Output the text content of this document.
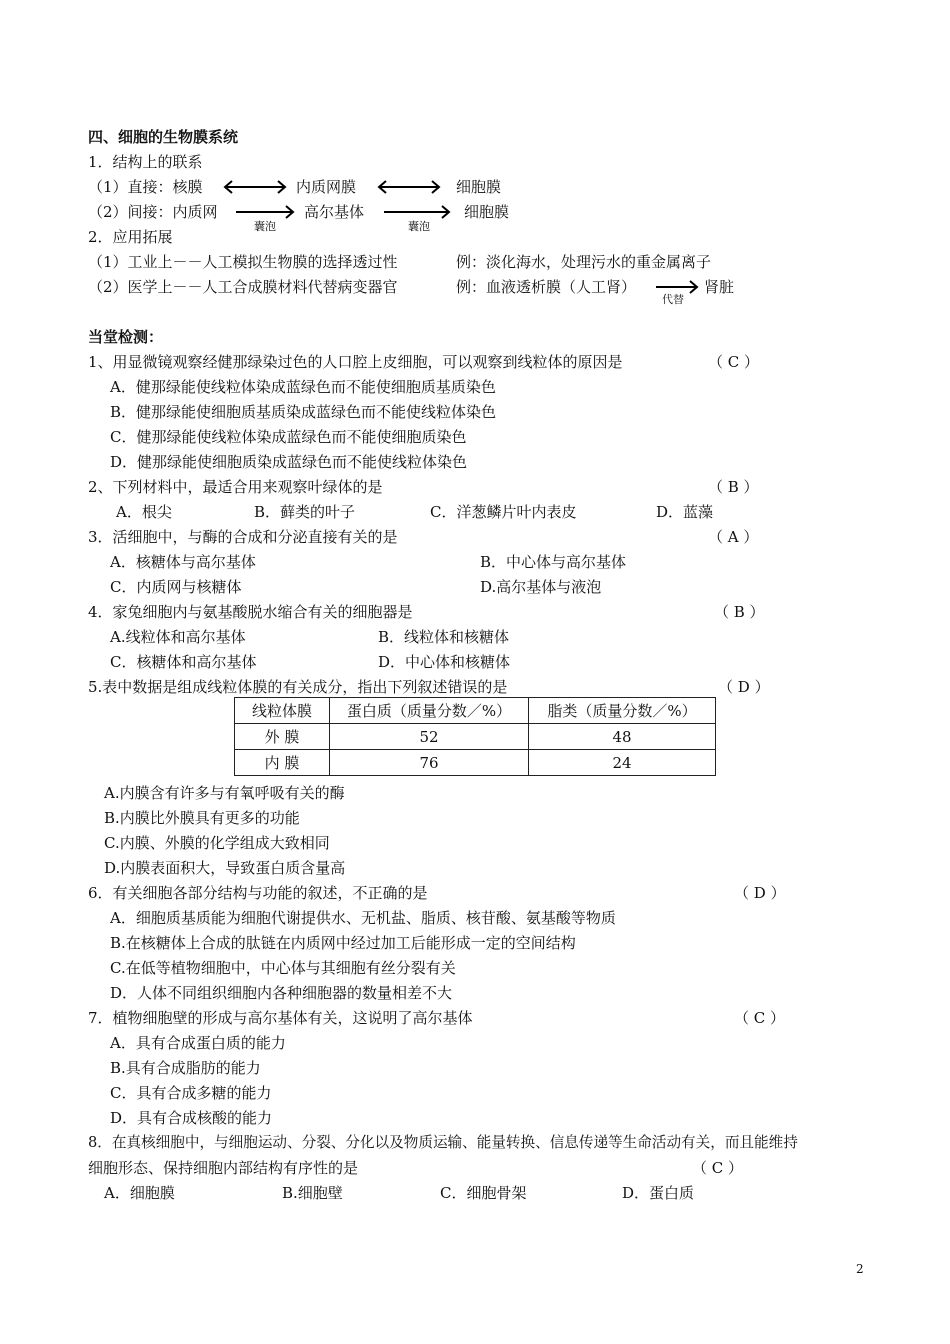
四、细胞的生物膜系统
1．结构上的联系
（1）直接：核膜	内质网膜	细胞膜
（2）间接：内质网
囊泡
高尔基体
囊泡
细胞膜
2．应用拓展
（1）工业上－－人工模拟生物膜的选择透过性	例：淡化海水，处理污水的重金属离子
（2）医学上－－人工合成膜材料代替病变器官	例：血液透析膜（人工肾）
代替
肾脏
当堂检测：
1、用显微镜观察经健那绿染过色的人口腔上皮细胞，可以观察到线粒体的原因是	（ C ）
A．健那绿能使线粒体染成蓝绿色而不能使细胞质基质染色
B．健那绿能使细胞质基质染成蓝绿色而不能使线粒体染色
C．健那绿能使线粒体染成蓝绿色而不能使细胞质染色
D．健那绿能使细胞质染成蓝绿色而不能使线粒体染色
2、下列材料中，最适合用来观察叶绿体的是	（ B ）
A．根尖	B．藓类的叶子	C．洋葱鳞片叶内表皮	D．蓝藻
3．活细胞中，与酶的合成和分泌直接有关的是	（ A ）
A．核糖体与高尔基体	B．中心体与高尔基体
C．内质网与核糖体	D.高尔基体与液泡
4．家兔细胞内与氨基酸脱水缩合有关的细胞器是	（ B ）
A.线粒体和高尔基体	B．线粒体和核糖体
C．核糖体和高尔基体	D．中心体和核糖体
5.表中数据是组成线粒体膜的有关成分，指出下列叙述错误的是	（ D ）
线粒体膜	蛋白质（质量分数／%）	脂类（质量分数／%）
外 膜	52	48
内 膜	76	24
A.内膜含有许多与有氧呼吸有关的酶
B.内膜比外膜具有更多的功能
C.内膜、外膜的化学组成大致相同
D.内膜表面积大，导致蛋白质含量高
6．有关细胞各部分结构与功能的叙述，不正确的是	（ D ）
A．细胞质基质能为细胞代谢提供水、无机盐、脂质、核苷酸、氨基酸等物质
B.在核糖体上合成的肽链在内质网中经过加工后能形成一定的空间结构
C.在低等植物细胞中，中心体与其细胞有丝分裂有关
D．人体不同组织细胞内各种细胞器的数量相差不大
7．植物细胞壁的形成与高尔基体有关，这说明了高尔基体	（ C ）
A．具有合成蛋白质的能力
B.具有合成脂肪的能力
C．具有合成多糖的能力
D．具有合成核酸的能力
8．在真核细胞中，与细胞运动、分裂、分化以及物质运输、能量转换、信息传递等生命活动有关，而且能维持
细胞形态、保持细胞内部结构有序性的是	（ C ）
A．细胞膜	B.细胞壁	C．细胞骨架	D．蛋白质
2
